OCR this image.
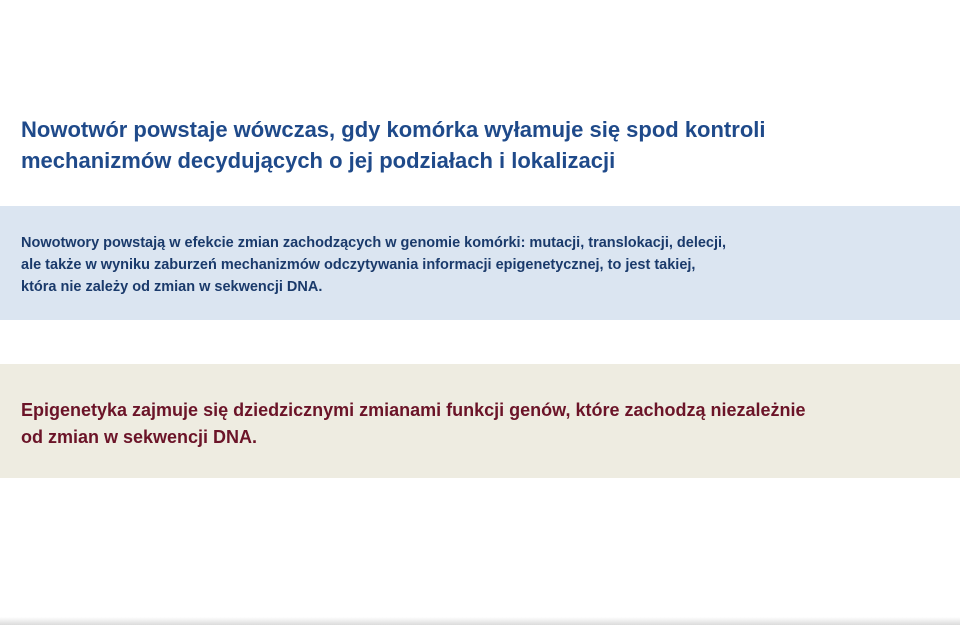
Nowotwór powstaje wówczas, gdy komórka wyłamuje się spod kontroli
mechanizmów decydujących o jej podziałach i lokalizacji

Nowotwory powstają w efekcie zmian zachodzących w genomie komórki: mutacji, translokacji, delecji,
ale także w wyniku zaburzeń mechanizmów odczytywania informacji epigenetycznej, to jest takiej,
która nie zależy od zmian w sekwencji DNA.

Epigenetyka zajmuje się dziedzicznymi zmianami funkcji genów, które zachodzą niezależnie
od zmian w sekwencji DNA.
